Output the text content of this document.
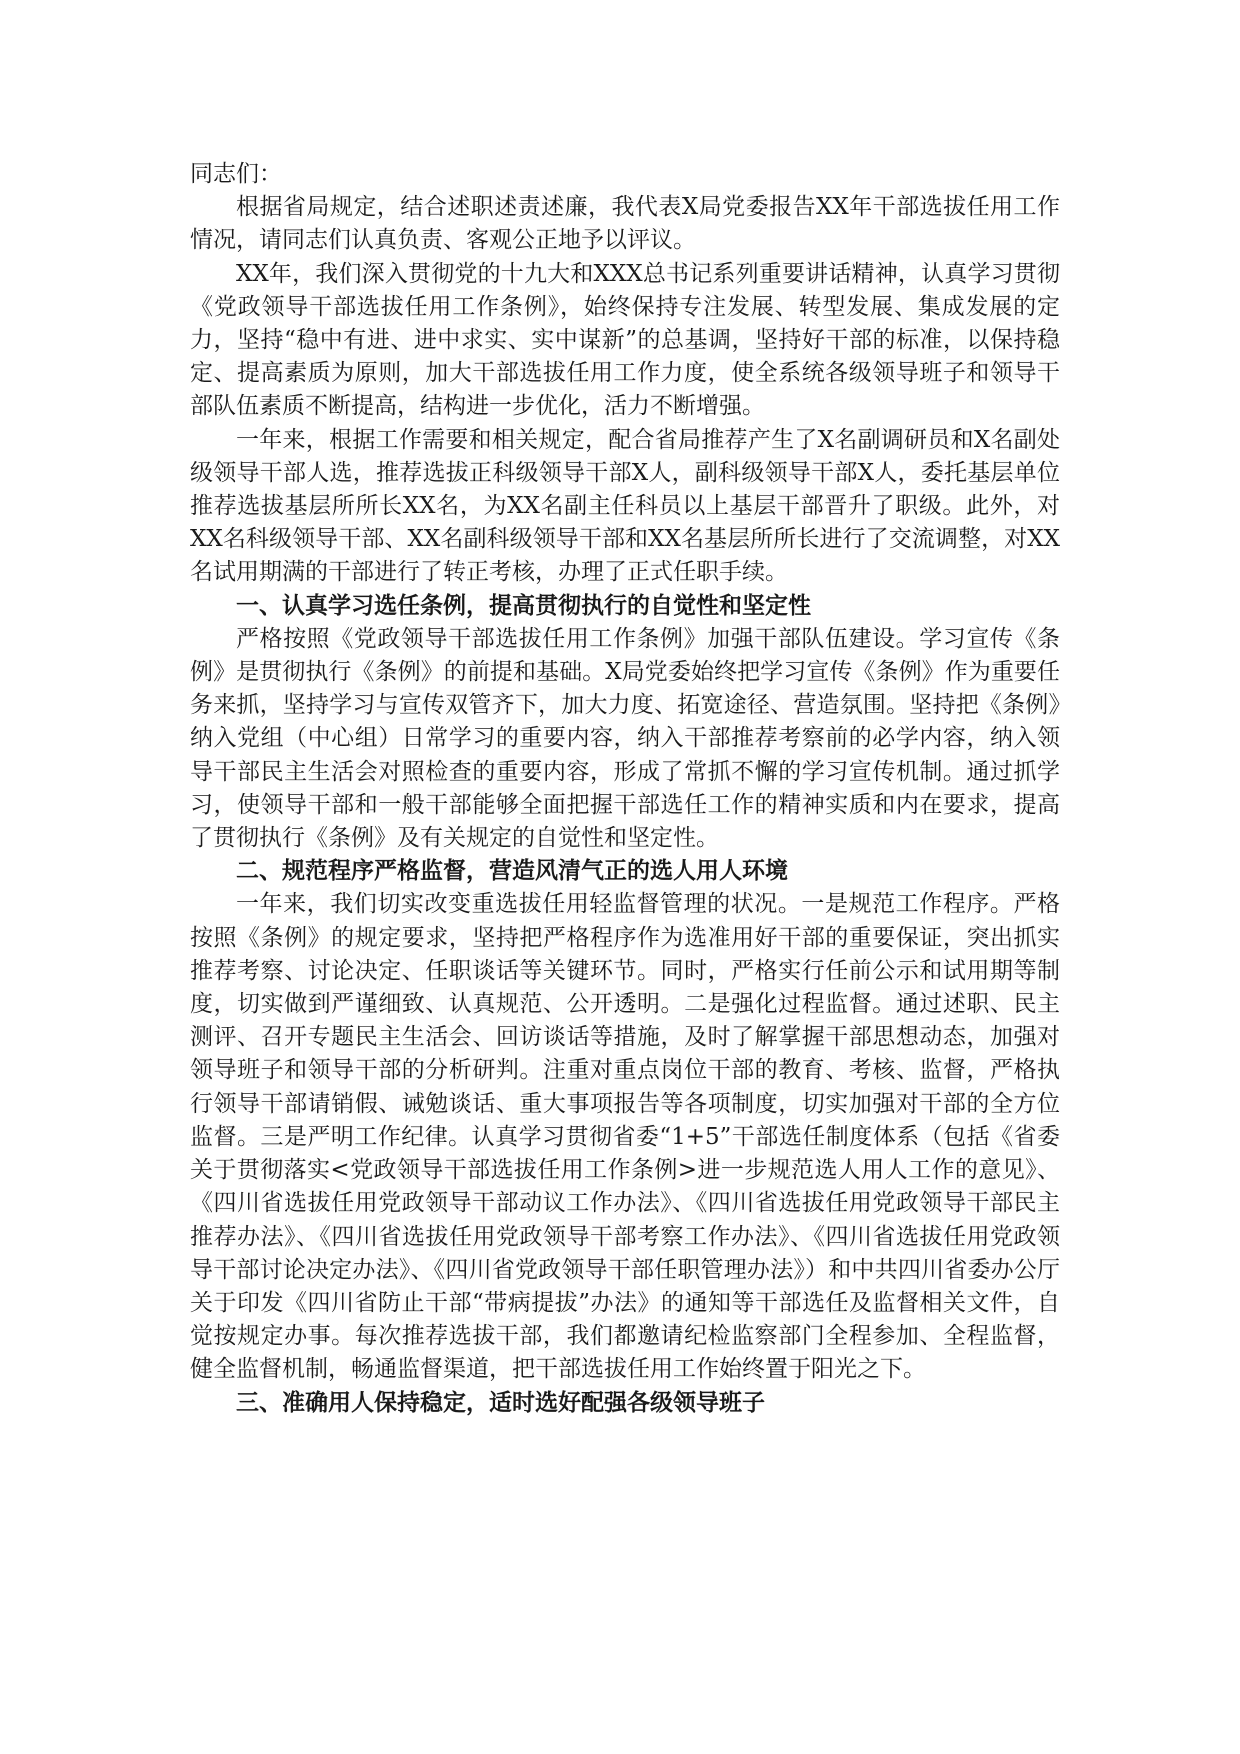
同志们：

根据省局规定，结合述职述责述廉，我代表X局党委报告XX年干部选拔任用工作情况，请同志们认真负责、客观公正地予以评议。

XX年，我们深入贯彻党的十九大和XXX总书记系列重要讲话精神，认真学习贯彻《党政领导干部选拔任用工作条例》，始终保持专注发展、转型发展、集成发展的定力，坚持“稳中有进、进中求实、实中谋新”的总基调，坚持好干部的标准，以保持稳定、提高素质为原则，加大干部选拔任用工作力度，使全系统各级领导班子和领导干部队伍素质不断提高，结构进一步优化，活力不断增强。

一年来，根据工作需要和相关规定，配合省局推荐产生了X名副调研员和X名副处级领导干部人选，推荐选拔正科级领导干部X人，副科级领导干部X人，委托基层单位推荐选拔基层所所长XX名，为XX名副主任科员以上基层干部晋升了职级。此外，对XX名科级领导干部、XX名副科级领导干部和XX名基层所所长进行了交流调整，对XX名试用期满的干部进行了转正考核，办理了正式任职手续。

一、认真学习选任条例，提高贯彻执行的自觉性和坚定性

严格按照《党政领导干部选拔任用工作条例》加强干部队伍建设。学习宣传《条例》是贯彻执行《条例》的前提和基础。X局党委始终把学习宣传《条例》作为重要任务来抓，坚持学习与宣传双管齐下，加大力度、拓宽途径、营造氛围。坚持把《条例》纳入党组（中心组）日常学习的重要内容，纳入干部推荐考察前的必学内容，纳入领导干部民主生活会对照检查的重要内容，形成了常抓不懈的学习宣传机制。通过抓学习，使领导干部和一般干部能够全面把握干部选任工作的精神实质和内在要求，提高了贯彻执行《条例》及有关规定的自觉性和坚定性。

二、规范程序严格监督，营造风清气正的选人用人环境

一年来，我们切实改变重选拔任用轻监督管理的状况。一是规范工作程序。严格按照《条例》的规定要求，坚持把严格程序作为选准用好干部的重要保证，突出抓实推荐考察、讨论决定、任职谈话等关键环节。同时，严格实行任前公示和试用期等制度，切实做到严谨细致、认真规范、公开透明。二是强化过程监督。通过述职、民主测评、召开专题民主生活会、回访谈话等措施，及时了解掌握干部思想动态，加强对领导班子和领导干部的分析研判。注重对重点岗位干部的教育、考核、监督，严格执行领导干部请销假、诫勉谈话、重大事项报告等各项制度，切实加强对干部的全方位监督。三是严明工作纪律。认真学习贯彻省委“1+5”干部选任制度体系（包括《省委关于贯彻落实<党政领导干部选拔任用工作条例>进一步规范选人用人工作的意见》、《四川省选拔任用党政领导干部动议工作办法》、《四川省选拔任用党政领导干部民主推荐办法》、《四川省选拔任用党政领导干部考察工作办法》、《四川省选拔任用党政领导干部讨论决定办法》、《四川省党政领导干部任职管理办法》）和中共四川省委办公厅关于印发《四川省防止干部“带病提拔”办法》的通知等干部选任及监督相关文件，自觉按规定办事。每次推荐选拔干部，我们都邀请纪检监察部门全程参加、全程监督，健全监督机制，畅通监督渠道，把干部选拔任用工作始终置于阳光之下。

三、准确用人保持稳定，适时选好配强各级领导班子
